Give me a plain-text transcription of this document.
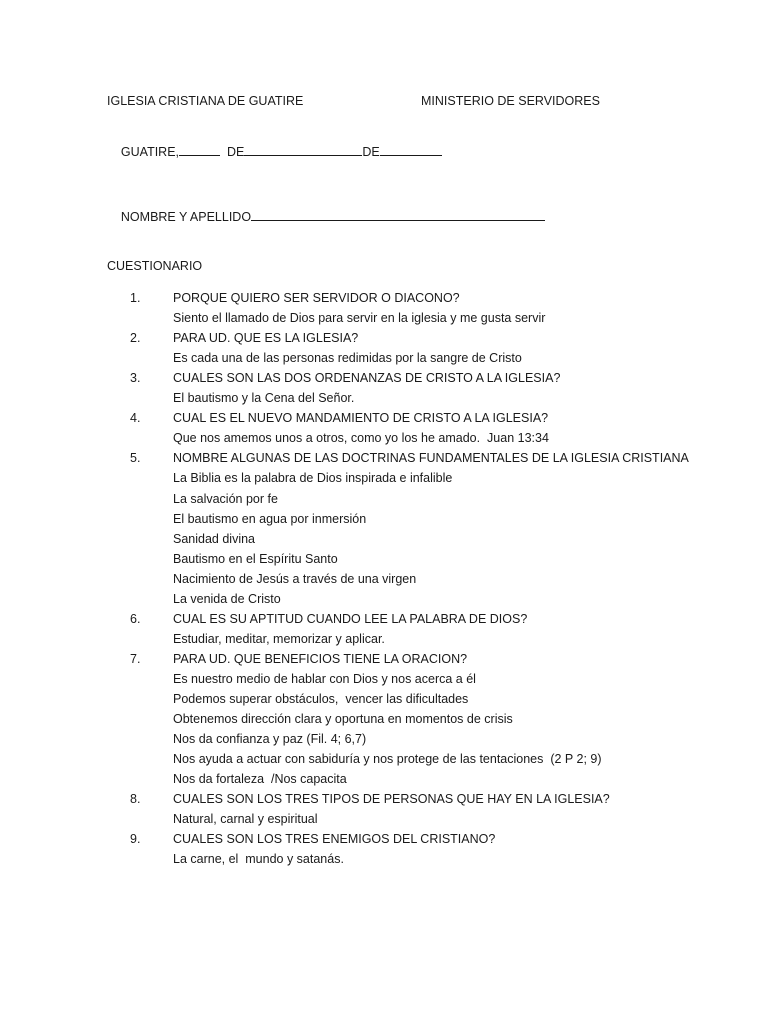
IGLESIA CRISTIANA DE GUATIRE	MINISTERIO DE SERVIDORES

GUATIRE,	DE	DE

NOMBRE Y APELLIDO

CUESTIONARIO
1.	PORQUE QUIERO SER SERVIDOR O DIACONO?
Siento el llamado de Dios para servir en la iglesia y me gusta servir
2.	PARA UD. QUE ES LA IGLESIA?
Es cada una de las personas redimidas por la sangre de Cristo
3.	CUALES SON LAS DOS ORDENANZAS DE CRISTO A LA IGLESIA?
El bautismo y la Cena del Señor.
4.	CUAL ES EL NUEVO MANDAMIENTO DE CRISTO A LA IGLESIA?
Que nos amemos unos a otros, como yo los he amado.  Juan 13:34
5.	NOMBRE ALGUNAS DE LAS DOCTRINAS FUNDAMENTALES DE LA IGLESIA CRISTIANA
La Biblia es la palabra de Dios inspirada e infalible
La salvación por fe
El bautismo en agua por inmersión
Sanidad divina
Bautismo en el Espíritu Santo
Nacimiento de Jesús a través de una virgen
La venida de Cristo
6.	CUAL ES SU APTITUD CUANDO LEE LA PALABRA DE DIOS?
Estudiar, meditar, memorizar y aplicar.
7.	PARA UD. QUE BENEFICIOS TIENE LA ORACION?
Es nuestro medio de hablar con Dios y nos acerca a él
Podemos superar obstáculos,  vencer las dificultades
Obtenemos dirección clara y oportuna en momentos de crisis
Nos da confianza y paz (Fil. 4; 6,7)
Nos ayuda a actuar con sabiduría y nos protege de las tentaciones  (2 P 2; 9)
Nos da fortaleza  /Nos capacita
8.	CUALES SON LOS TRES TIPOS DE PERSONAS QUE HAY EN LA IGLESIA?
Natural, carnal y espiritual
9.	CUALES SON LOS TRES ENEMIGOS DEL CRISTIANO?
La carne, el  mundo y satanás.
